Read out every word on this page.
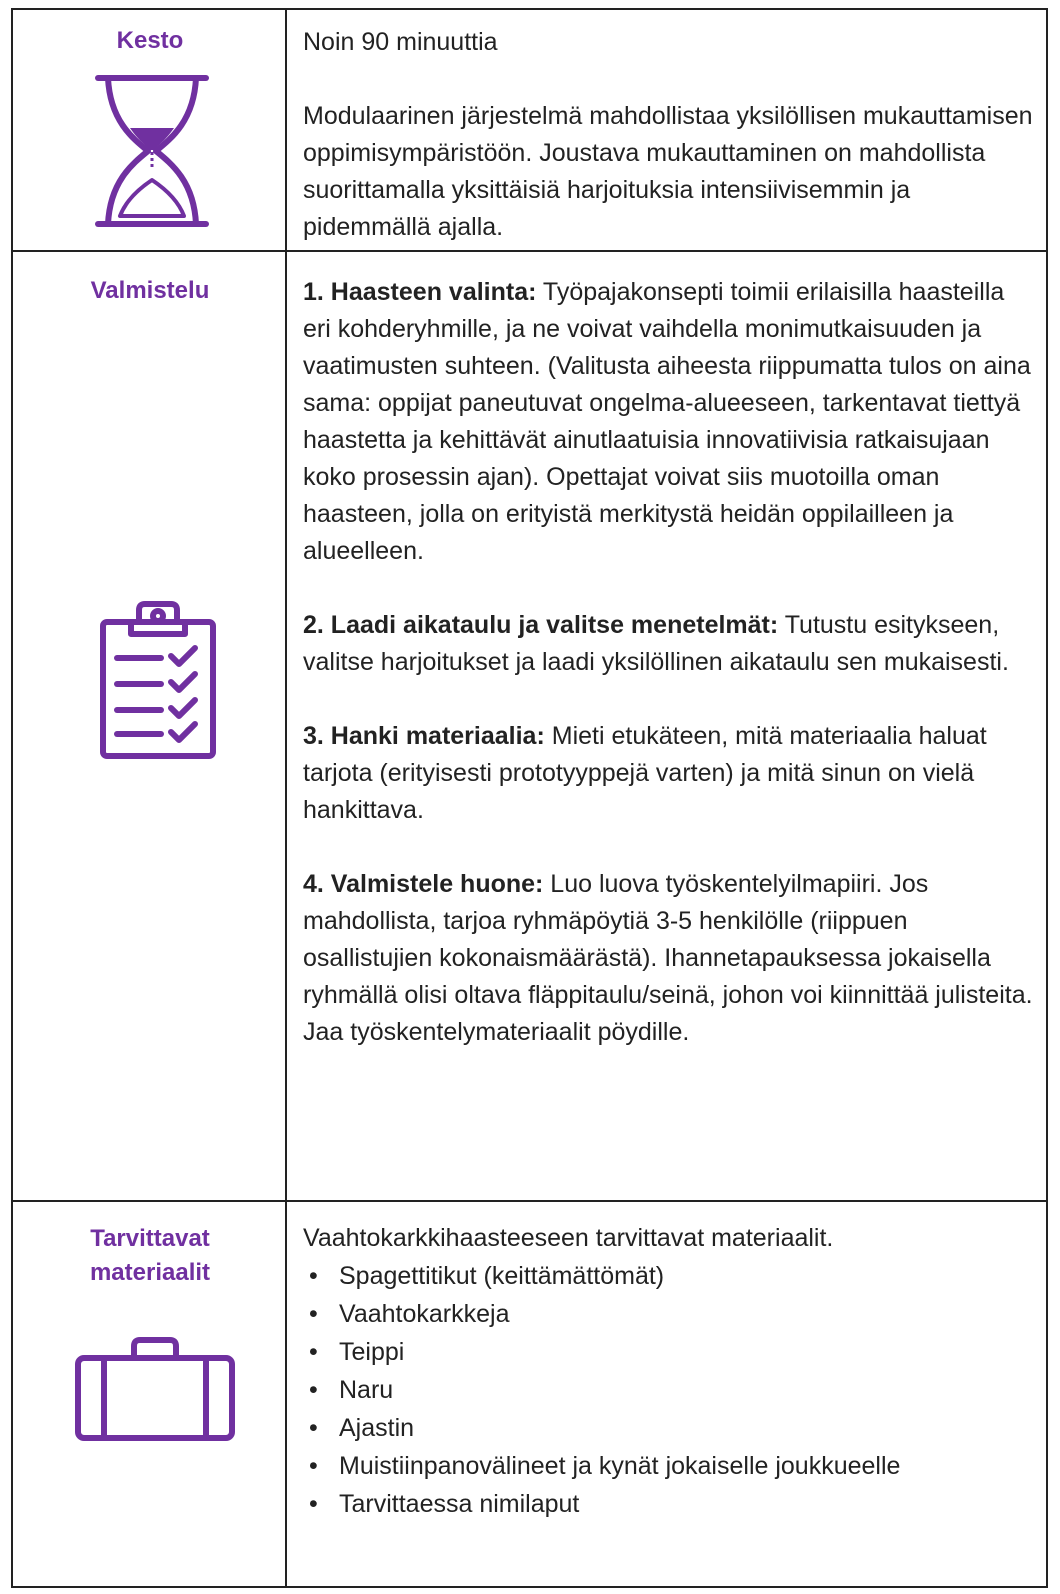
Kesto	Noin 90 minuuttia

Modulaarinen järjestelmä mahdollistaa yksilöllisen mukauttamisen oppimisympäristöön. Joustava mukauttaminen on mahdollista suorittamalla yksittäisiä harjoituksia intensiivisemmin ja pidemmällä ajalla.

Valmistelu	1. Haasteen valinta: Työpajakonsepti toimii erilaisilla haasteilla eri kohderyhmille, ja ne voivat vaihdella monimutkaisuuden ja vaatimusten suhteen. (Valitusta aiheesta riippumatta tulos on aina sama: oppijat paneutuvat ongelma-alueeseen, tarkentavat tiettyä haastetta ja kehittävät ainutlaatuisia innovatiivisia ratkaisujaan koko prosessin ajan). Opettajat voivat siis muotoilla oman haasteen, jolla on erityistä merkitystä heidän oppilailleen ja alueelleen.

2. Laadi aikataulu ja valitse menetelmät: Tutustu esitykseen, valitse harjoitukset ja laadi yksilöllinen aikataulu sen mukaisesti.

3. Hanki materiaalia: Mieti etukäteen, mitä materiaalia haluat tarjota (erityisesti prototyyppejä varten) ja mitä sinun on vielä hankittava.

4. Valmistele huone: Luo luova työskentelyilmapiiri. Jos mahdollista, tarjoa ryhmäpöytiä 3-5 henkilölle (riippuen osallistujien kokonaismäärästä). Ihannetapauksessa jokaisella ryhmällä olisi oltava fläppitaulu/seinä, johon voi kiinnittää julisteita. Jaa työskentelymateriaalit pöydille.

Tarvittavat
materiaalit

Vaahtokarkkihaasteeseen tarvittavat materiaalit.

• Spagettitikut (keittämättömät)
• Vaahtokarkkeja
• Teippi
• Naru
• Ajastin
• Muistiinpanovälineet ja kynät jokaiselle joukkueelle
• Tarvittaessa nimilaput
